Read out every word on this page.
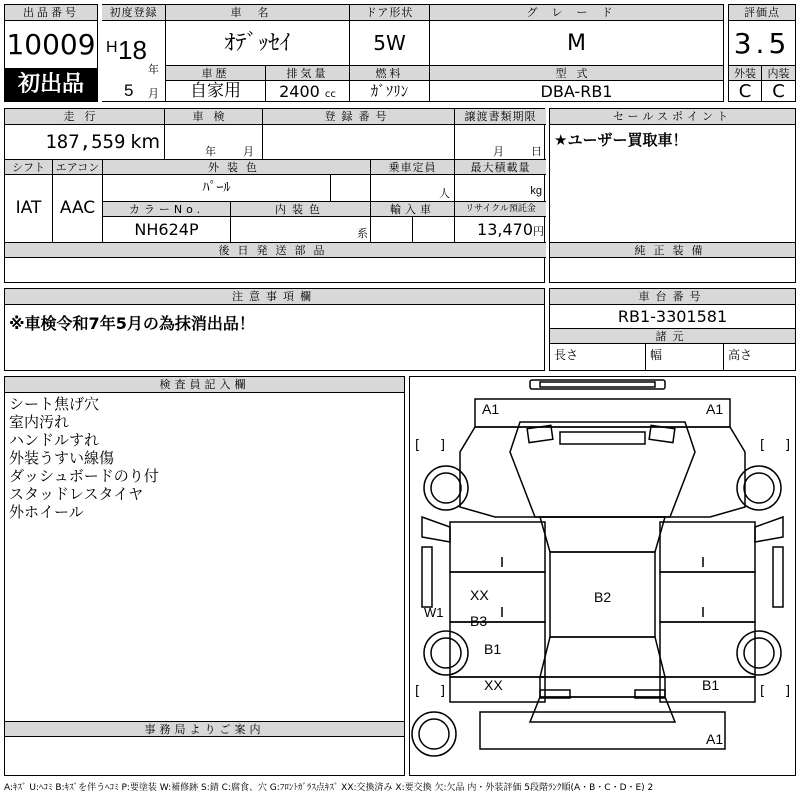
出品番号
10009
初出品
初度登録
H 18
年
5 月
車名
ｵﾃﾞｯｾｲ
ドア形状
5W
グレード
M
車歴
自家用
排気量
2400 cc
燃料
ｶﾞｿﾘﾝ
型式
DBA-RB1
評価点
3.5
外装	内装
C	C
走行
187,559 km
車検
年 月
登録番号	譲渡書類期限
月 日
シフト
IAT
エアコン
AAC
外装色
ﾊﾟｰﾙ
乗車定員
人
最大積載量
kg
カラーNo.
NH624P
内装色
系
輸入車	リサイクル預託金
13,470円
後日発送部品
セールスポイント
★ユーザー買取車！
純正装備
注意事項欄
※車検令和7年5月の為抹消出品！
車台番号
RB1-3301581
諸元
長さ	幅	高さ
検査員記入欄
シート焦げ穴
室内汚れ
ハンドルすれ
外装うすい線傷
ダッシュボードのり付
スタッドレスタイヤ
外ホイール
事務局よりご案内
[ ]	[ ]
[ ]	[ ]
A1	A1
W1
XX
B3
B2
B1
XX	B1
A1
A:ｷｽﾞ U:ﾍｺﾐ B:ｷｽﾞを伴うﾍｺﾐ P:要塗装 W:補修跡 S:錆 C:腐食、穴 G:ﾌﾛﾝﾄｶﾞﾗｽ点ｷｽﾞ XX:交換済み X:要交換 欠:欠品 内・外装評価 5段階ﾗﾝｸ順(A・B・C・D・E) 2
